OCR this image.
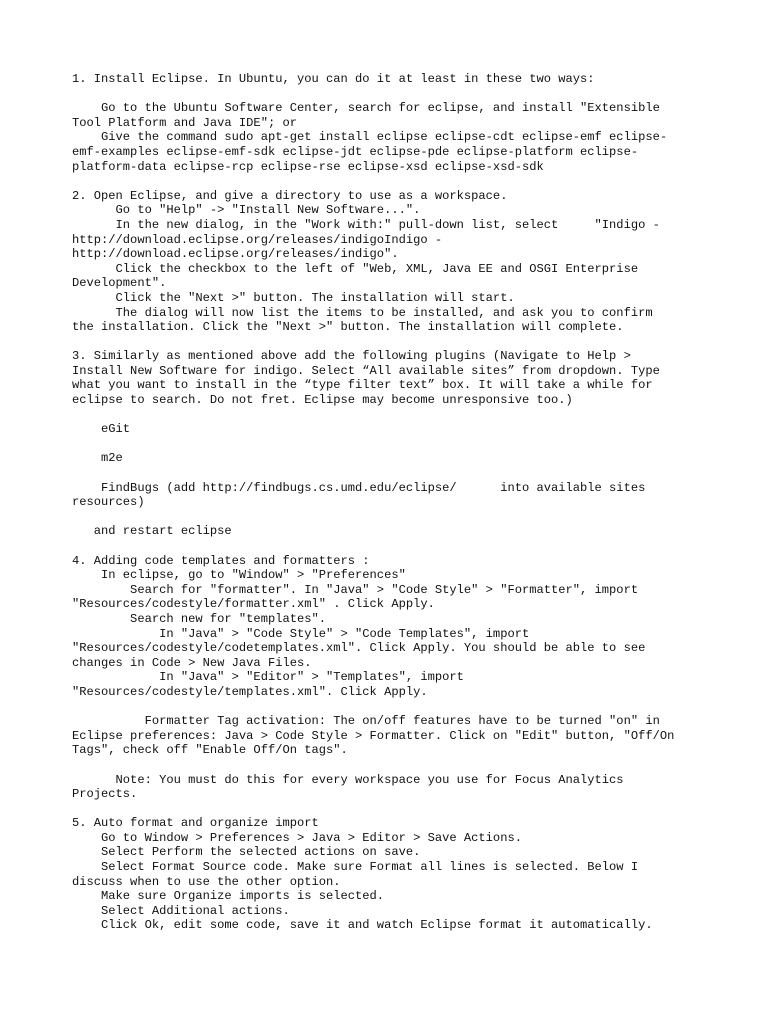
1. Install Eclipse. In Ubuntu, you can do it at least in these two ways:
Go to the Ubuntu Software Center, search for eclipse, and install "Extensible
Tool Platform and Java IDE"; or
Give the command sudo apt-get install eclipse eclipse-cdt eclipse-emf eclipse-
emf-examples eclipse-emf-sdk eclipse-jdt eclipse-pde eclipse-platform eclipse-
platform-data eclipse-rcp eclipse-rse eclipse-xsd eclipse-xsd-sdk
2. Open Eclipse, and give a directory to use as a workspace.
Go to "Help" -> "Install New Software...".
In the new dialog, in the "Work with:" pull-down list, select     "Indigo -
http://download.eclipse.org/releases/indigoIndigo -
http://download.eclipse.org/releases/indigo".
Click the checkbox to the left of "Web, XML, Java EE and OSGI Enterprise
Development".
Click the "Next >" button. The installation will start.
The dialog will now list the items to be installed, and ask you to confirm
the installation. Click the "Next >" button. The installation will complete.
3. Similarly as mentioned above add the following plugins (Navigate to Help >
Install New Software for indigo. Select “All available sites” from dropdown. Type
what you want to install in the “type filter text” box. It will take a while for
eclipse to search. Do not fret. Eclipse may become unresponsive too.)
eGit
m2e
FindBugs (add http://findbugs.cs.umd.edu/eclipse/      into available sites
resources)
and restart eclipse
4. Adding code templates and formatters :
In eclipse, go to "Window" > "Preferences"
Search for "formatter". In "Java" > "Code Style" > "Formatter", import
"Resources/codestyle/formatter.xml" . Click Apply.
Search new for "templates".
In "Java" > "Code Style" > "Code Templates", import
"Resources/codestyle/codetemplates.xml". Click Apply. You should be able to see
changes in Code > New Java Files.
In "Java" > "Editor" > "Templates", import
"Resources/codestyle/templates.xml". Click Apply.
Formatter Tag activation: The on/off features have to be turned "on" in
Eclipse preferences: Java > Code Style > Formatter. Click on "Edit" button, "Off/On
Tags", check off "Enable Off/On tags".
Note: You must do this for every workspace you use for Focus Analytics
Projects.
5. Auto format and organize import
Go to Window > Preferences > Java > Editor > Save Actions.
Select Perform the selected actions on save.
Select Format Source code. Make sure Format all lines is selected. Below I
discuss when to use the other option.
Make sure Organize imports is selected.
Select Additional actions.
Click Ok, edit some code, save it and watch Eclipse format it automatically.
